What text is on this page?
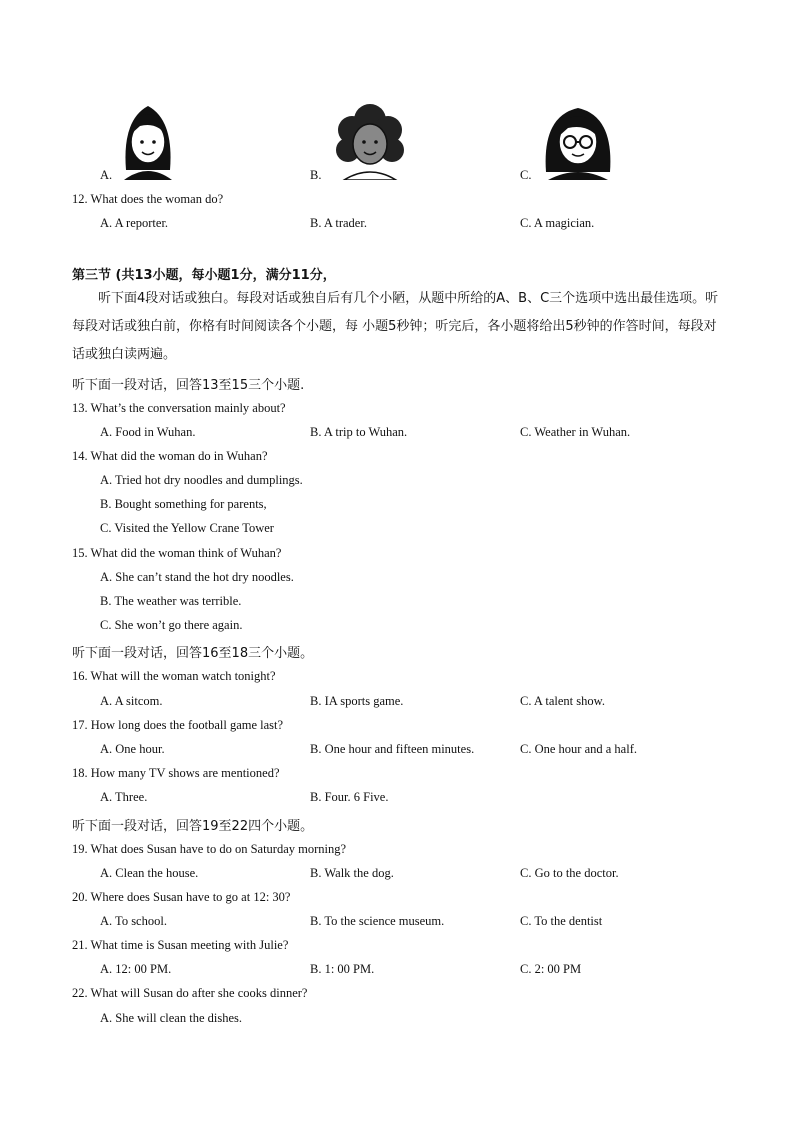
A.	B.	C.
12. What does the woman do?
A. A reporter.	B. A trader.	C. A magician.
第三节 (共13小题，每小题1分，满分11分，
听下面4段对话或独白。每段对话或独自后有几个小陋，从题中所给的A、B、C三个选项中选出最佳选项。听每段对话或独白前，你格有时间阅读各个小题，每 小题5秒钟；听完后，各小题将给出5秒钟的作答时间，每段对话或独白读两遍。
听下面一段对话，回答13至15三个小题.
13. What’s the conversation mainly about?
A. Food in Wuhan.	B. A trip to Wuhan.	C. Weather in Wuhan.
14. What did the woman do in Wuhan?
A. Tried hot dry noodles and dumplings.
B. Bought something for parents,
C. Visited the Yellow Crane Tower
15. What did the woman think of Wuhan?
A. She can’t stand the hot dry noodles.
B. The weather was terrible.
C. She won’t go there again.
听下面一段对话，回答16至18三个小题。
16. What will the woman watch tonight?
A. A sitcom.	B. IA sports game.	C. A talent show.
17. How long does the football game last?
A. One hour.	B. One hour and fifteen minutes.	C. One hour and a half.
18. How many TV shows are mentioned?
A. Three.	B. Four. 6 Five.
听下面一段对话，回答19至22四个小题。
19. What does Susan have to do on Saturday morning?
A. Clean the house.	B. Walk the dog.	C. Go to the doctor.
20. Where does Susan have to go at 12: 30?
A. To school.	B. To the science museum.	C. To the dentist
21. What time is Susan meeting with Julie?
A. 12: 00 PM.	B. 1: 00 PM.	C. 2: 00 PM
22. What will Susan do after she cooks dinner?
A. She will clean the dishes.
